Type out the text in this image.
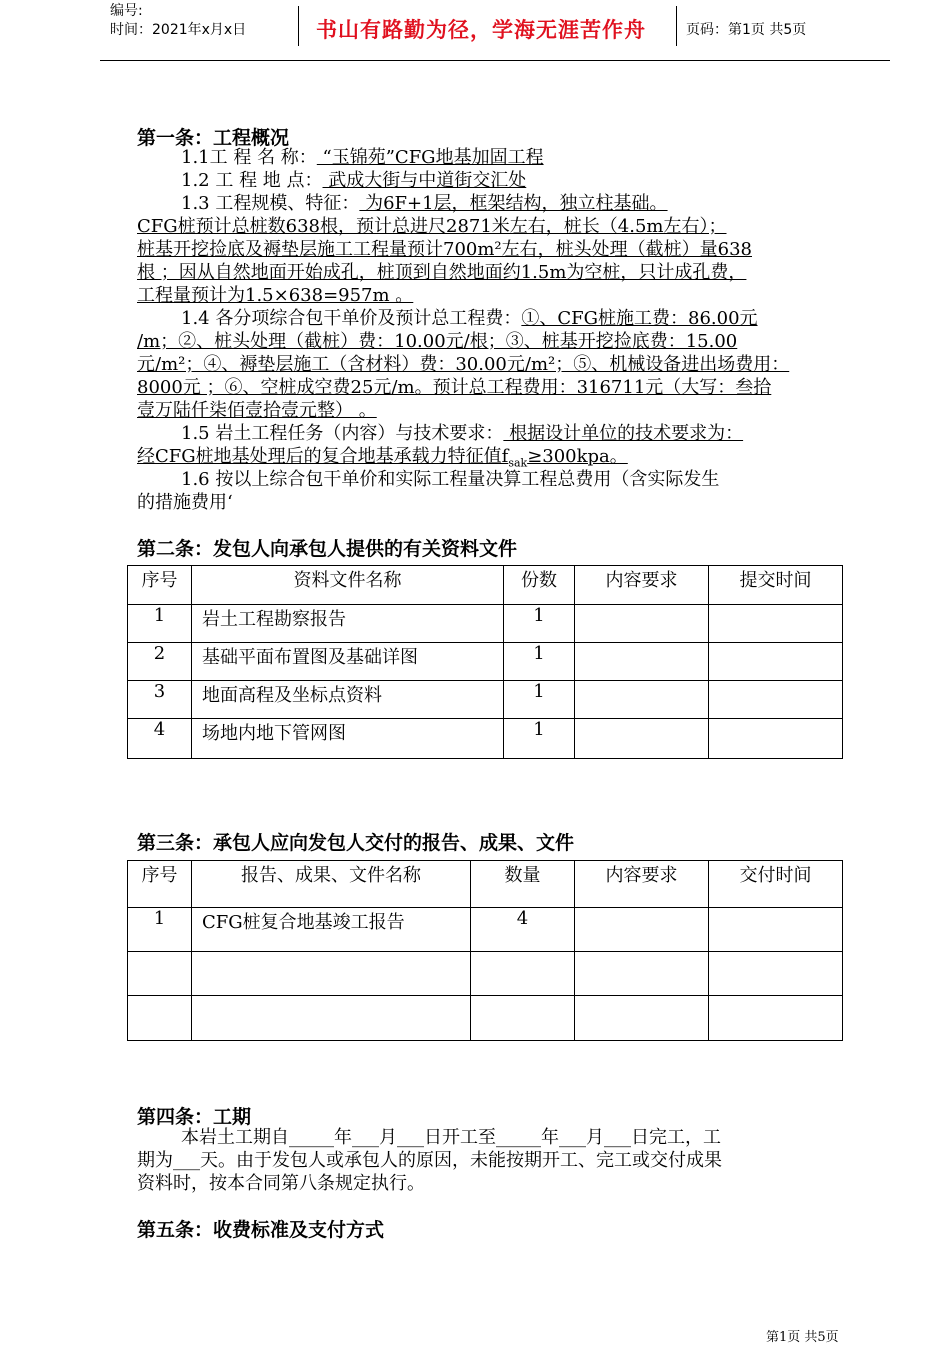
编号:
时间：2021年x月x日	书山有路勤为径，学海无涯苦作舟	页码：第1页 共5页
第一条：工程概况
1.1工 程 名 称： “玉锦苑”CFG地基加固工程
1.2 工 程 地 点： 武成大街与中道街交汇处
1.3 工程规模、特征： 为6F+1层，框架结构，独立柱基础。
CFG桩预计总桩数638根，预计总进尺2871米左右，桩长（4.5m左右）；
桩基开挖捡底及褥垫层施工工程量预计700m²左右，桩头处理（截桩）量638
根 ；因从自然地面开始成孔，桩顶到自然地面约1.5m为空桩，只计成孔费，
工程量预计为1.5×638=957m 。
1.4 各分项综合包干单价及预计总工程费：①、CFG桩施工费：86.00元
/m；②、桩头处理（截桩）费：10.00元/根；③、桩基开挖捡底费：15.00
元/m²；④、褥垫层施工（含材料）费：30.00元/m²；⑤、机械设备进出场费用：
8000元 ；⑥、空桩成空费25元/m。预计总工程费用：316711元（大写：叁拾
壹万陆仟柒佰壹拾壹元整） 。
1.5 岩土工程任务（内容）与技术要求： 根据设计单位的技术要求为：
经CFG桩地基处理后的复合地基承载力特征值$f_{sak}\ge 300kpa$。
1.6 按以上综合包干单价和实际工程量决算工程总费用（含实际发生
的措施费用‘
第二条：发包人向承包人提供的有关资料文件
序号	资料文件名称	份数	内容要求	提交时间
1	岩土工程勘察报告	1		
2	基础平面布置图及基础详图	1		
3	地面高程及坐标点资料	1		
4	场地内地下管网图	1		
第三条：承包人应向发包人交付的报告、成果、文件
序号	报告、成果、文件名称	数量	内容要求	交付时间
1	CFG桩复合地基竣工报告	4		

第四条：工期
本岩土工期自_____年___月___日开工至_____年___月___日完工，工
期为___天。由于发包人或承包人的原因，未能按期开工、完工或交付成果
资料时，按本合同第八条规定执行。
第五条：收费标准及支付方式
第1页 共5页
